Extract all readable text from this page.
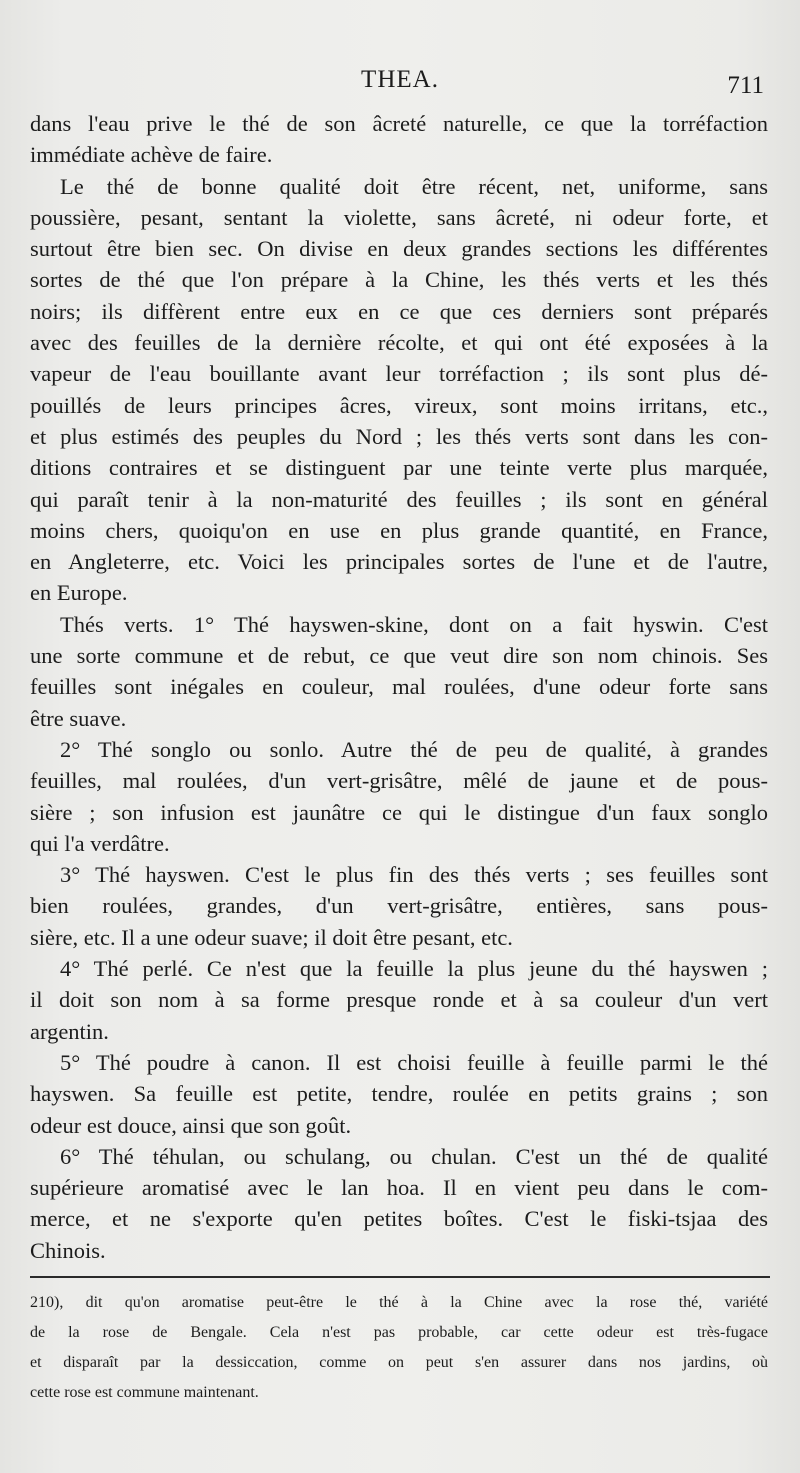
THEA.	711
dans l'eau prive le thé de son âcreté naturelle, ce que la torréfaction
immédiate achève de faire.
Le thé de bonne qualité doit être récent, net, uniforme, sans
poussière, pesant, sentant la violette, sans âcreté, ni odeur forte, et
surtout être bien sec. On divise en deux grandes sections les différentes
sortes de thé que l'on prépare à la Chine, les thés verts et les thés
noirs; ils diffèrent entre eux en ce que ces derniers sont préparés
avec des feuilles de la dernière récolte, et qui ont été exposées à la
vapeur de l'eau bouillante avant leur torréfaction ; ils sont plus dé-
pouillés de leurs principes âcres, vireux, sont moins irritans, etc.,
et plus estimés des peuples du Nord ; les thés verts sont dans les con-
ditions contraires et se distinguent par une teinte verte plus marquée,
qui paraît tenir à la non-maturité des feuilles ; ils sont en général
moins chers, quoiqu'on en use en plus grande quantité, en France,
en Angleterre, etc. Voici les principales sortes de l'une et de l'autre,
en Europe.
Thés verts. 1° Thé hayswen-skine, dont on a fait hyswin. C'est
une sorte commune et de rebut, ce que veut dire son nom chinois. Ses
feuilles sont inégales en couleur, mal roulées, d'une odeur forte sans
être suave.
2° Thé songlo ou sonlo. Autre thé de peu de qualité, à grandes
feuilles, mal roulées, d'un vert-grisâtre, mêlé de jaune et de pous-
sière ; son infusion est jaunâtre ce qui le distingue d'un faux songlo
qui l'a verdâtre.
3° Thé hayswen. C'est le plus fin des thés verts ; ses feuilles sont
bien roulées, grandes, d'un vert-grisâtre, entières, sans pous-
sière, etc. Il a une odeur suave; il doit être pesant, etc.
4° Thé perlé. Ce n'est que la feuille la plus jeune du thé hayswen ;
il doit son nom à sa forme presque ronde et à sa couleur d'un vert
argentin.
5° Thé poudre à canon. Il est choisi feuille à feuille parmi le thé
hayswen. Sa feuille est petite, tendre, roulée en petits grains ; son
odeur est douce, ainsi que son goût.
6° Thé téhulan, ou schulang, ou chulan. C'est un thé de qualité
supérieure aromatisé avec le lan hoa. Il en vient peu dans le com-
merce, et ne s'exporte qu'en petites boîtes. C'est le fiski-tsjaa des
Chinois.
210), dit qu'on aromatise peut-être le thé à la Chine avec la rose thé, variété
de la rose de Bengale. Cela n'est pas probable, car cette odeur est très-fugace
et disparaît par la dessiccation, comme on peut s'en assurer dans nos jardins, où
cette rose est commune maintenant.
